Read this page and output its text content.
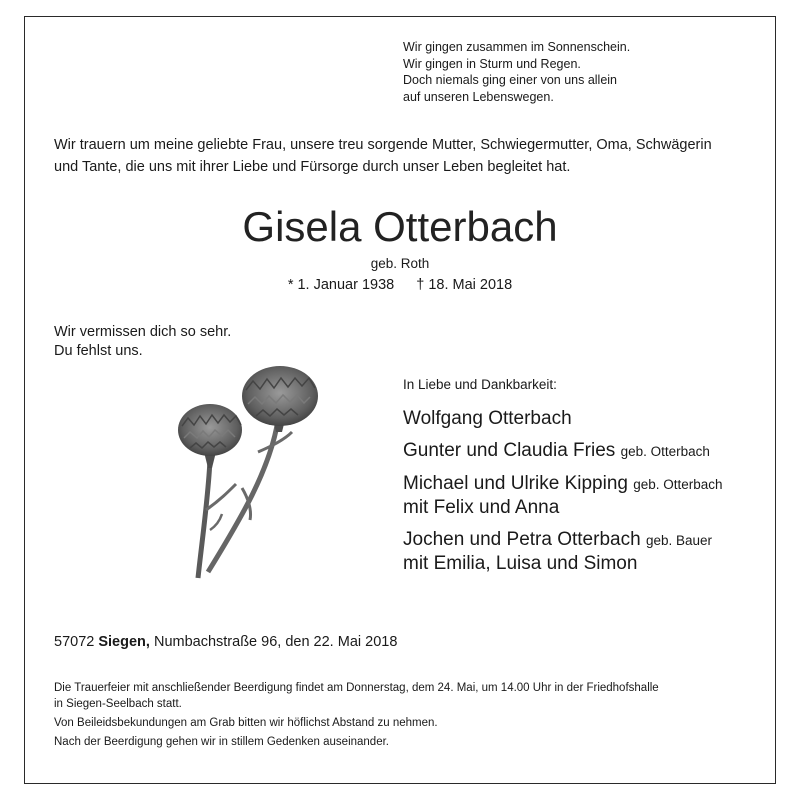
Wir gingen zusammen im Sonnenschein.
Wir gingen in Sturm und Regen.
Doch niemals ging einer von uns allein
auf unseren Lebenswegen.
Wir trauern um meine geliebte Frau, unsere treu sorgende Mutter, Schwiegermutter, Oma, Schwägerin
und Tante, die uns mit ihrer Liebe und Fürsorge durch unser Leben begleitet hat.
Gisela Otterbach
geb. Roth
* 1. Januar 1938 † 18. Mai 2018
Wir vermissen dich so sehr.
Du fehlst uns.
In Liebe und Dankbarkeit:
Wolfgang Otterbach
Gunter und Claudia Fries geb. Otterbach
Michael und Ulrike Kipping geb. Otterbach
mit Felix und Anna
Jochen und Petra Otterbach geb. Bauer
mit Emilia, Luisa und Simon
57072 Siegen, Numbachstraße 96, den 22. Mai 2018

Die Trauerfeier mit anschließender Beerdigung findet am Donnerstag, dem 24. Mai, um 14.00 Uhr in der Friedhofshalle
in Siegen-Seelbach statt.

Von Beileidsbekundungen am Grab bitten wir höflichst Abstand zu nehmen.

Nach der Beerdigung gehen wir in stillem Gedenken auseinander.
